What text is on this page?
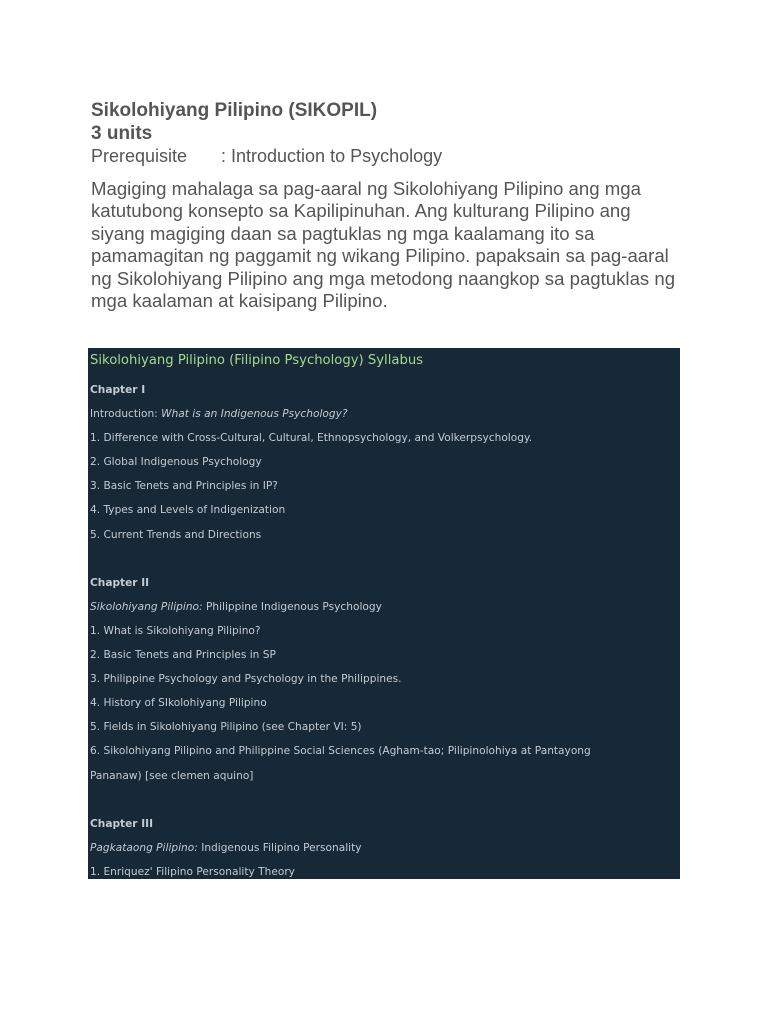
Sikolohiyang Pilipino (SIKOPIL)
3 units
Prerequisite : Introduction to Psychology

Magiging mahalaga sa pag-aaral ng Sikolohiyang Pilipino ang mga katutubong konsepto sa Kapilipinuhan. Ang kulturang Pilipino ang siyang magiging daan sa pagtuklas ng mga kaalamang ito sa pamamagitan ng paggamit ng wikang Pilipino. papaksain sa pag-aaral ng Sikolohiyang Pilipino ang mga metodong naangkop sa pagtuklas ng mga kaalaman at kaisipang Pilipino.

Sikolohiyang Pilipino (Filipino Psychology) Syllabus
Chapter I
Introduction: What is an Indigenous Psychology?
1. Difference with Cross-Cultural, Cultural, Ethnopsychology, and Volkerpsychology.
2. Global Indigenous Psychology
3. Basic Tenets and Principles in IP?
4. Types and Levels of Indigenization
5. Current Trends and Directions
Chapter II
Sikolohiyang Pilipino: Philippine Indigenous Psychology
1. What is Sikolohiyang Pilipino?
2. Basic Tenets and Principles in SP
3. Philippine Psychology and Psychology in the Philippines.
4. History of SIkolohiyang Pilipino
5. Fields in Sikolohiyang Pilipino (see Chapter VI: 5)
6. Sikolohiyang Pilipino and Philippine Social Sciences (Agham-tao; Pilipinolohiya at Pantayong
Pananaw) [see clemen aquino]
Chapter III
Pagkataong Pilipino: Indigenous Filipino Personality
1. Enriquez' Filipino Personality Theory
